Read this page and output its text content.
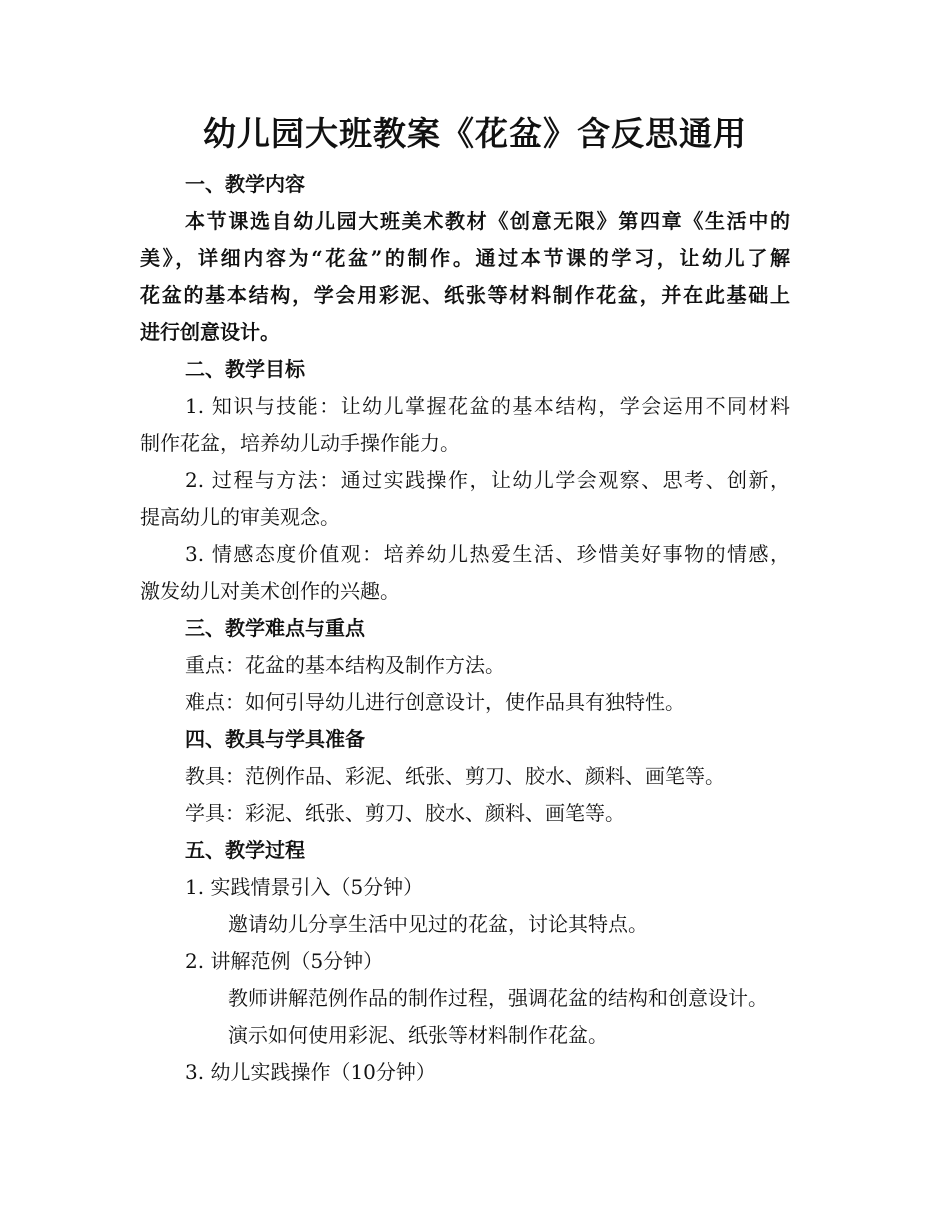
幼儿园大班教案《花盆》含反思通用

一、教学内容

本节课选自幼儿园大班美术教材《创意无限》第四章《生活中的

美》，详细内容为“花盆”的制作。通过本节课的学习，让幼儿了解

花盆的基本结构，学会用彩泥、纸张等材料制作花盆，并在此基础上

进行创意设计。

二、教学目标

1. 知识与技能：让幼儿掌握花盆的基本结构，学会运用不同材料

制作花盆，培养幼儿动手操作能力。

2. 过程与方法：通过实践操作，让幼儿学会观察、思考、创新，

提高幼儿的审美观念。

3. 情感态度价值观：培养幼儿热爱生活、珍惜美好事物的情感，

激发幼儿对美术创作的兴趣。

三、教学难点与重点

重点：花盆的基本结构及制作方法。

难点：如何引导幼儿进行创意设计，使作品具有独特性。

四、教具与学具准备

教具：范例作品、彩泥、纸张、剪刀、胶水、颜料、画笔等。

学具：彩泥、纸张、剪刀、胶水、颜料、画笔等。

五、教学过程

1. 实践情景引入（5分钟）

邀请幼儿分享生活中见过的花盆，讨论其特点。

2. 讲解范例（5分钟）

教师讲解范例作品的制作过程，强调花盆的结构和创意设计。

演示如何使用彩泥、纸张等材料制作花盆。

3. 幼儿实践操作（10分钟）
